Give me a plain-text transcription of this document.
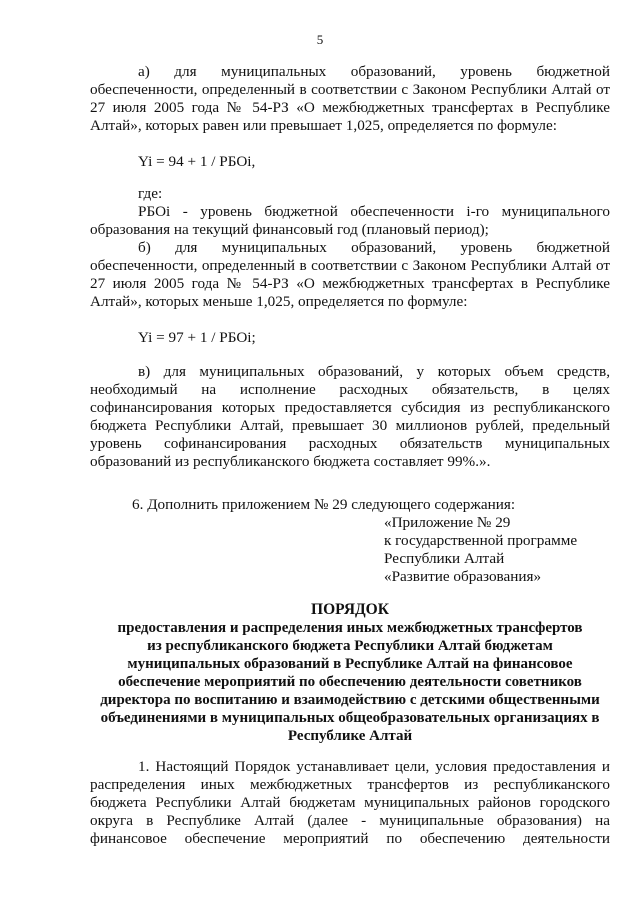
5
а) для муниципальных образований, уровень бюджетной
обеспеченности, определенный в соответствии с Законом Республики Алтай от
27 июля 2005 года № 54-РЗ «О межбюджетных трансфертах в Республике
Алтай», которых равен или превышает 1,025, определяется по формуле:
Yi = 94 + 1 / РБОi,
где:
РБОi - уровень бюджетной обеспеченности i-го муниципального
образования на текущий финансовый год (плановый период);
б) для муниципальных образований, уровень бюджетной
обеспеченности, определенный в соответствии с Законом Республики Алтай от
27 июля 2005 года № 54-РЗ «О межбюджетных трансфертах в Республике
Алтай», которых меньше 1,025, определяется по формуле:
Yi = 97 + 1 / РБОi;
в) для муниципальных образований, у которых объем средств,
необходимый на исполнение расходных обязательств, в целях
софинансирования которых предоставляется субсидия из республиканского
бюджета Республики Алтай, превышает 30 миллионов рублей, предельный
уровень софинансирования расходных обязательств муниципальных
образований из республиканского бюджета составляет 99%.».
6. Дополнить приложением № 29 следующего содержания:
«Приложение № 29
к государственной программе
Республики Алтай
«Развитие образования»
ПОРЯДОК
предоставления и распределения иных межбюджетных трансфертов
из республиканского бюджета Республики Алтай бюджетам
муниципальных образований в Республике Алтай на финансовое
обеспечение мероприятий по обеспечению деятельности советников
директора по воспитанию и взаимодействию с детскими общественными
объединениями в муниципальных общеобразовательных организациях в
Республике Алтай
1. Настоящий Порядок устанавливает цели, условия предоставления и
распределения иных межбюджетных трансфертов из республиканского
бюджета Республики Алтай бюджетам муниципальных районов городского
округа в Республике Алтай (далее - муниципальные образования) на
финансовое обеспечение мероприятий по обеспечению деятельности
